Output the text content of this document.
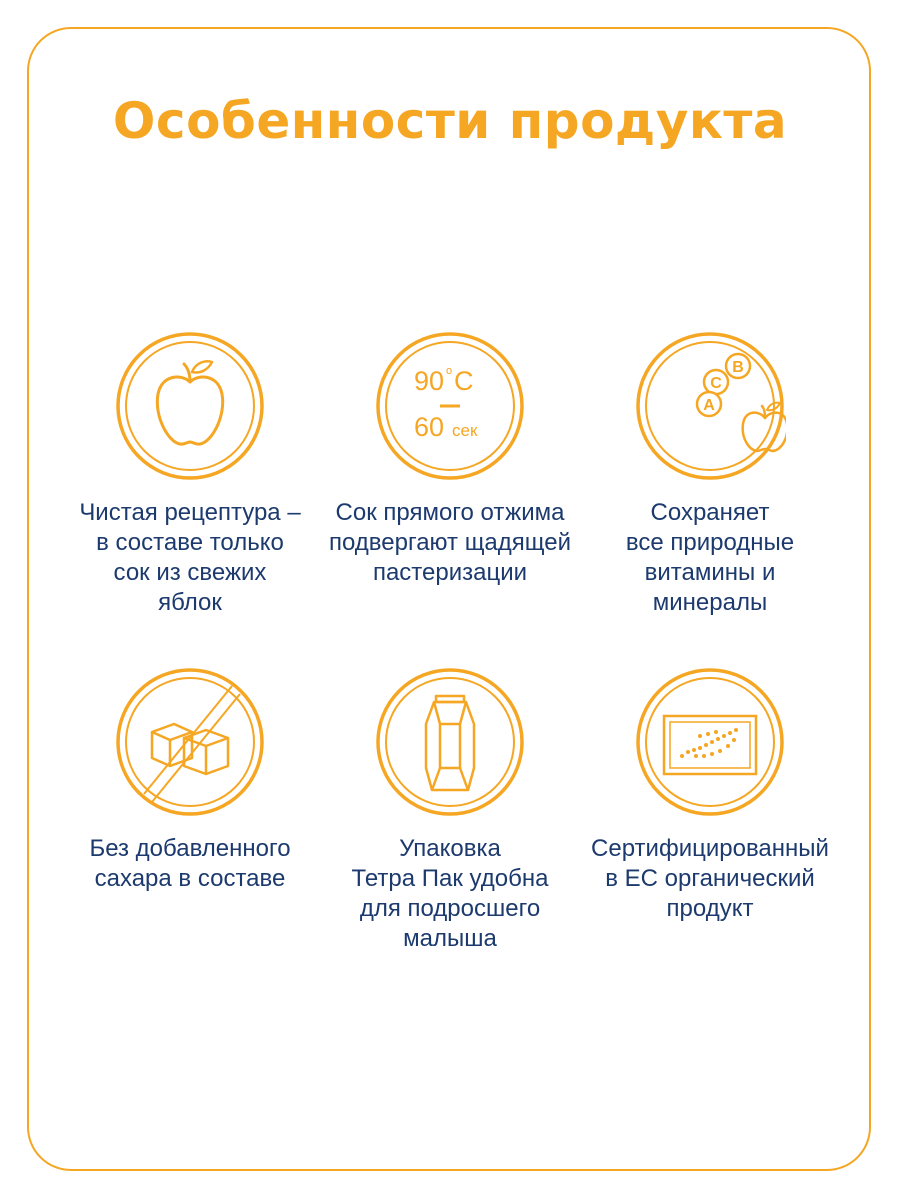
Особенности продукта
Чистая рецептура –
в составе только
сок из свежих
яблок
90 o C
60 сек
Сок прямого отжима
подвергают щадящей
пастеризации
C
B
A
Сохраняет
все природные
витамины и
минералы
Без добавленного
сахара в составе
Упаковка
Тетра Пак удобна
для подросшего
малыша
Сертифицированный
в ЕС органический
продукт
